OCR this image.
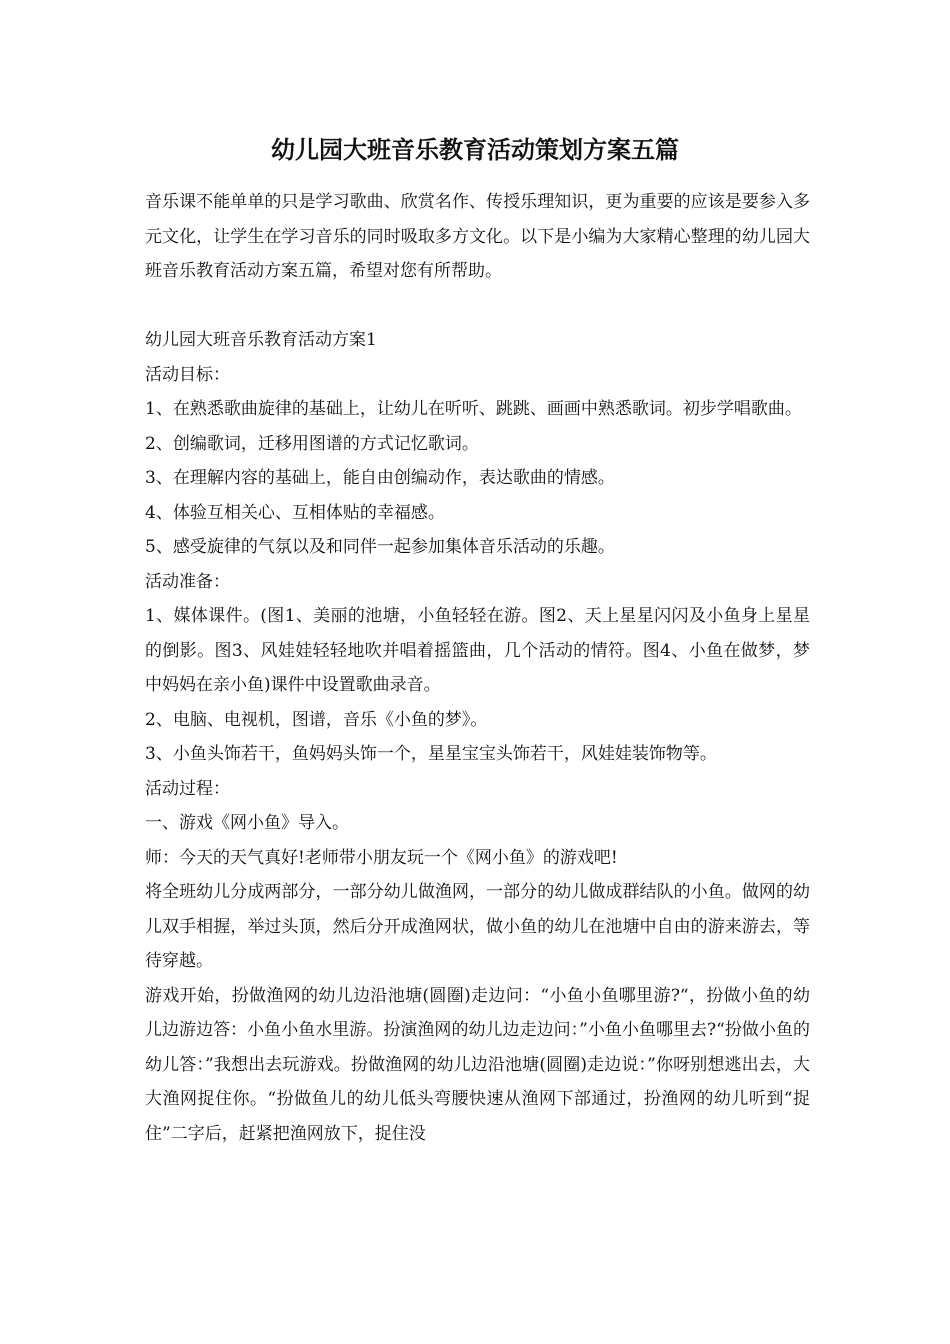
幼儿园大班音乐教育活动策划方案五篇

音乐课不能单单的只是学习歌曲、欣赏名作、传授乐理知识，更为重要的应该是要参入多元文化，让学生在学习音乐的同时吸取多方文化。以下是小编为大家精心整理的幼儿园大班音乐教育活动方案五篇，希望对您有所帮助。

幼儿园大班音乐教育活动方案1

活动目标：

1、在熟悉歌曲旋律的基础上，让幼儿在听听、跳跳、画画中熟悉歌词。初步学唱歌曲。

2、创编歌词，迁移用图谱的方式记忆歌词。

3、在理解内容的基础上，能自由创编动作，表达歌曲的情感。

4、体验互相关心、互相体贴的幸福感。

5、感受旋律的气氛以及和同伴一起参加集体音乐活动的乐趣。

活动准备：

1、媒体课件。(图1、美丽的池塘，小鱼轻轻在游。图2、天上星星闪闪及小鱼身上星星的倒影。图3、风娃娃轻轻地吹并唱着摇篮曲，几个活动的情符。图4、小鱼在做梦，梦中妈妈在亲小鱼)课件中设置歌曲录音。

2、电脑、电视机，图谱，音乐《小鱼的梦》。

3、小鱼头饰若干，鱼妈妈头饰一个，星星宝宝头饰若干，风娃娃装饰物等。

活动过程：

一、游戏《网小鱼》导入。

师：今天的天气真好!老师带小朋友玩一个《网小鱼》的游戏吧!

将全班幼儿分成两部分，一部分幼儿做渔网，一部分的幼儿做成群结队的小鱼。做网的幼儿双手相握，举过头顶，然后分开成渔网状，做小鱼的幼儿在池塘中自由的游来游去，等待穿越。

游戏开始，扮做渔网的幼儿边沿池塘(圆圈)走边问：“小鱼小鱼哪里游?“，扮做小鱼的幼儿边游边答：小鱼小鱼水里游。扮演渔网的幼儿边走边问：”小鱼小鱼哪里去?“扮做小鱼的幼儿答：”我想出去玩游戏。扮做渔网的幼儿边沿池塘(圆圈)走边说：”你呀别想逃出去，大大渔网捉住你。“扮做鱼儿的幼儿低头弯腰快速从渔网下部通过，扮渔网的幼儿听到“捉住”二字后，赶紧把渔网放下，捉住没
